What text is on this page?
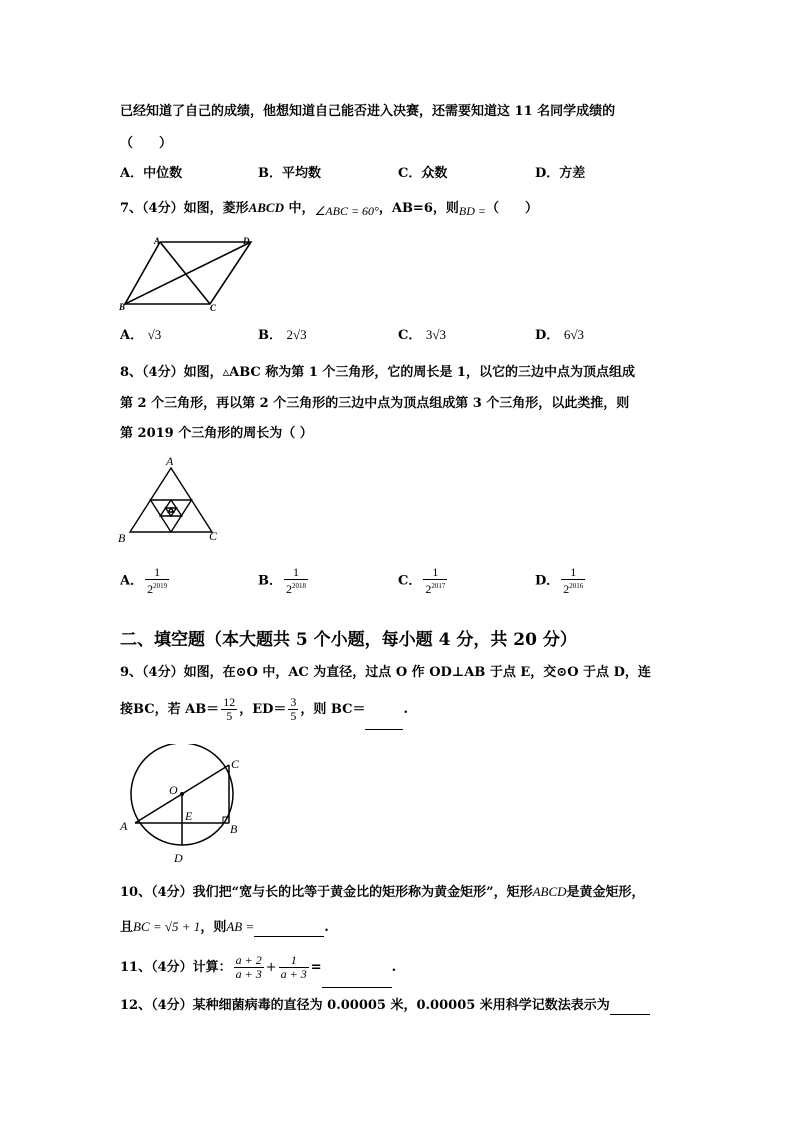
已经知道了自己的成绩，他想知道自己能否进入决赛，还需要知道这 11 名同学成绩的
（　　）
A．中位数	B．平均数	C．众数	D．方差
7、（4分）如图，菱形ABCD 中，∠ABC = 60°，AB=6，则BD =（　　）
A	D
B	C
A． √3	B． 2√3	C． 3√3	D． 6√3
8、（4分）如图，▵ABC 称为第 1 个三角形，它的周长是 1，以它的三边中点为顶点组成
第 2 个三角形，再以第 2 个三角形的三边中点为顶点组成第 3 个三角形，以此类推，则
第 2019 个三角形的周长为（ ）
A
B	C
A． $\frac{1}{2^{2019}}$	B． $\frac{1}{2^{2018}}$	C． $\frac{1}{2^{2017}}$	D． $\frac{1}{2^{2016}}$
二、填空题（本大题共 5 个小题，每小题 4 分，共 20 分）
9、（4分）如图，在⊙O 中，AC 为直径，过点 O 作 OD⊥AB 于点 E，交⊙O 于点 D，连
接BC，若 $AB= \frac{12}{5}$ ，$ED= \frac{3}{5}$ ，则 BC＝	.
C
O
E
A	B
D
10、（4分）我们把“宽与长的比等于黄金比的矩形称为黄金矩形”，矩形ABCD是黄金矩形，
且BC = √5 + 1，则AB =	.
11、（4分）计算： $\frac{a + 2}{a + 3} + \frac{1}{a + 3}$ =	.
12、（4分）某种细菌病毒的直径为 0.00005 米，0.00005 米用科学记数法表示为
